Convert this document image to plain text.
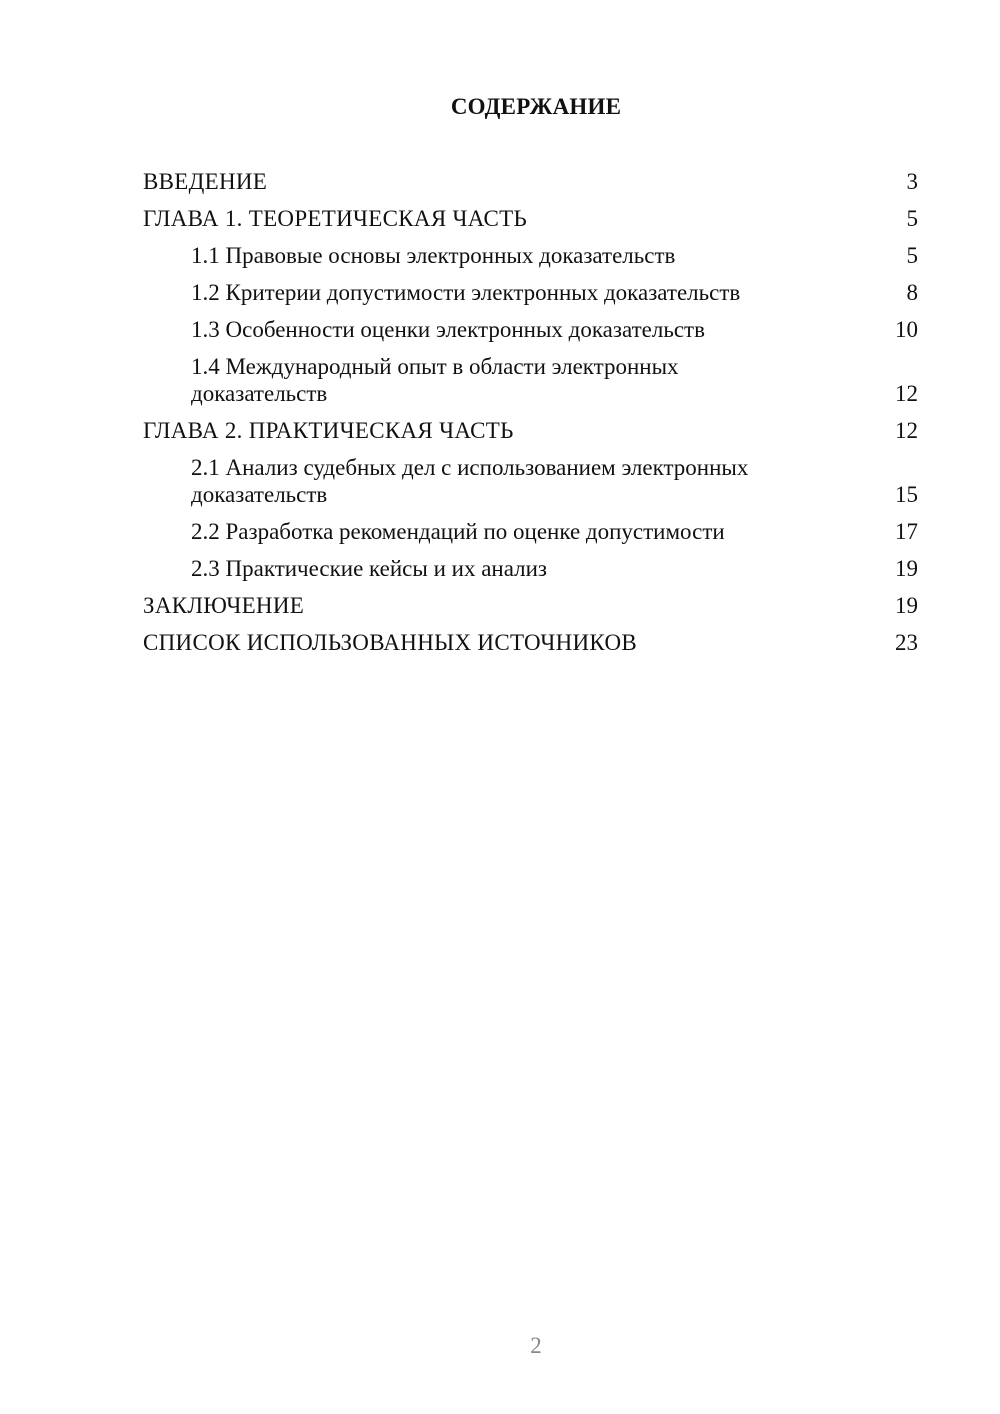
СОДЕРЖАНИЕ
ВВЕДЕНИЕ	3
ГЛАВА 1. ТЕОРЕТИЧЕСКАЯ ЧАСТЬ	5
1.1 Правовые основы электронных доказательств	5
1.2 Критерии допустимости электронных доказательств	8
1.3 Особенности оценки электронных доказательств	10
1.4 Международный опыт в области электронных доказательств	12
ГЛАВА 2. ПРАКТИЧЕСКАЯ ЧАСТЬ	12
2.1 Анализ судебных дел с использованием электронных доказательств	15
2.2 Разработка рекомендаций по оценке допустимости	17
2.3 Практические кейсы и их анализ	19
ЗАКЛЮЧЕНИЕ	19
СПИСОК ИСПОЛЬЗОВАННЫХ ИСТОЧНИКОВ	23
2
